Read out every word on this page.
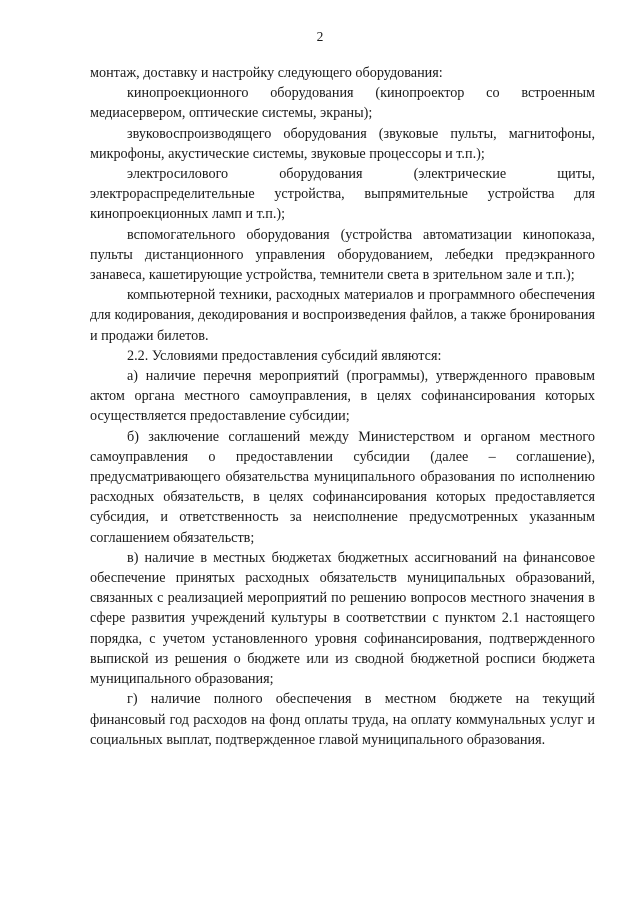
2

монтаж, доставку и настройку следующего оборудования:

кинопроекционного оборудования (кинопроектор со встроенным медиасервером, оптические системы, экраны);

звуковоспроизводящего оборудования (звуковые пульты, магнитофоны, микрофоны, акустические системы, звуковые процессоры и т.п.);

электросилового оборудования (электрические щиты, электрораспределительные устройства, выпрямительные устройства для кинопроекционных ламп и т.п.);

вспомогательного оборудования (устройства автоматизации кинопоказа, пульты дистанционного управления оборудованием, лебедки предэкранного занавеса, кашетирующие устройства, темнители света в зрительном зале и т.п.);

компьютерной техники, расходных материалов и программного обеспечения для кодирования, декодирования и воспроизведения файлов, а также бронирования и продажи билетов.

2.2. Условиями предоставления субсидий являются:

а) наличие перечня мероприятий (программы), утвержденного правовым актом органа местного самоуправления, в целях софинансирования которых осуществляется предоставление субсидии;

б) заключение соглашений между Министерством и органом местного самоуправления о предоставлении субсидии (далее – соглашение), предусматривающего обязательства муниципального образования по исполнению расходных обязательств, в целях софинансирования которых предоставляется субсидия, и ответственность за неисполнение предусмотренных указанным соглашением обязательств;

в) наличие в местных бюджетах бюджетных ассигнований на финансовое обеспечение принятых расходных обязательств муниципальных образований, связанных с реализацией мероприятий по решению вопросов местного значения в сфере развития учреждений культуры в соответствии с пунктом 2.1 настоящего порядка, с учетом установленного уровня софинансирования, подтвержденного выпиской из решения о бюджете или из сводной бюджетной росписи бюджета муниципального образования;

г) наличие полного обеспечения в местном бюджете на текущий финансовый год расходов на фонд оплаты труда, на оплату коммунальных услуг и социальных выплат, подтвержденное главой муниципального образования.
